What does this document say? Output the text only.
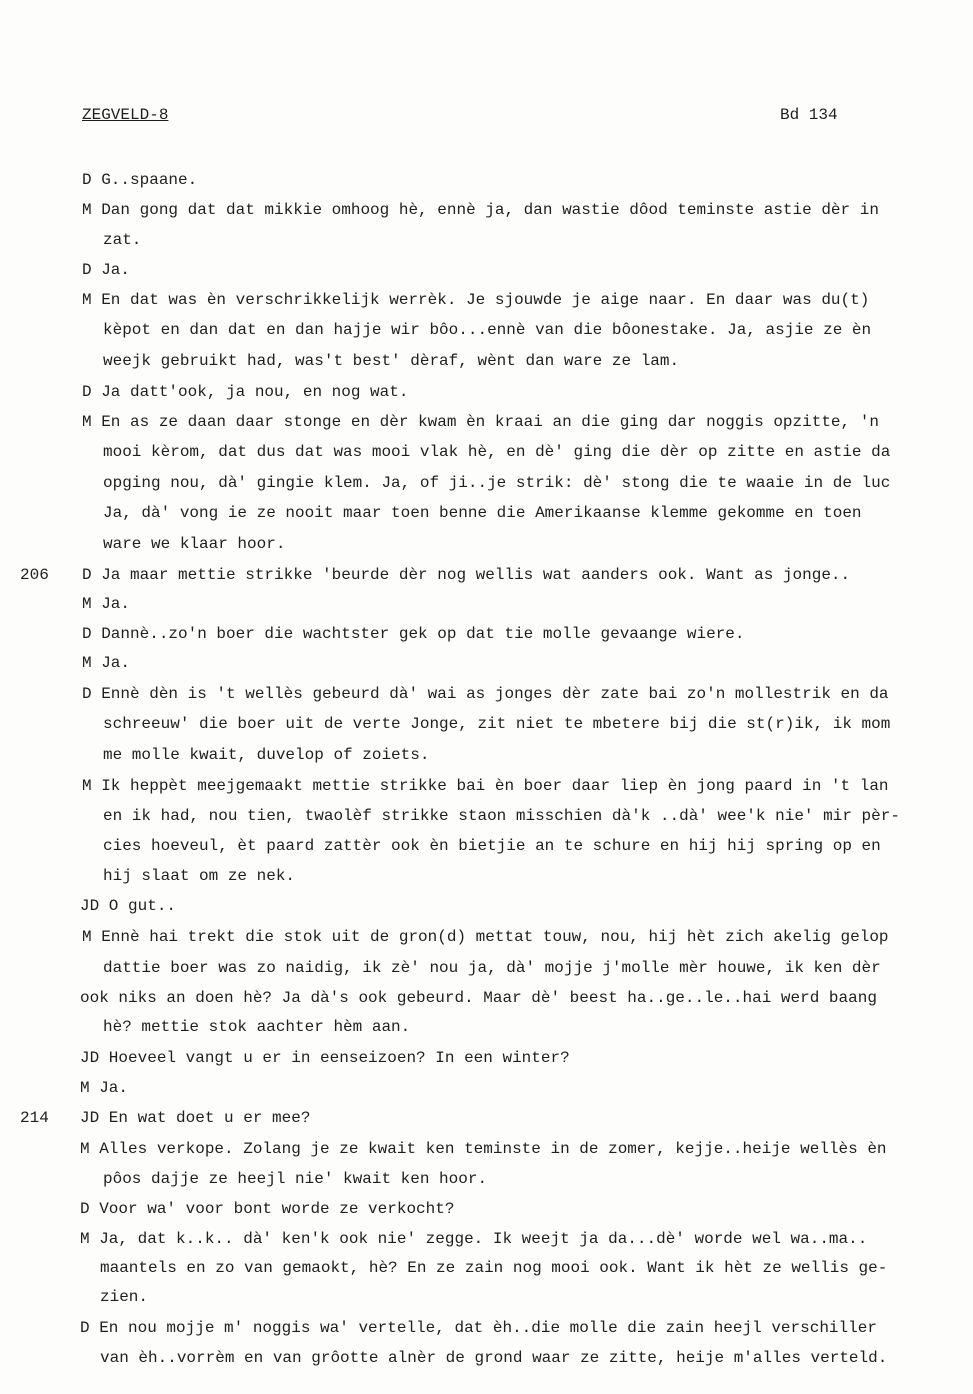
ZEGVELD-8	Bd 134
206
214
D G..spaane.
M Dan gong dat dat mikkie omhoog hè, ennè ja, dan wastie dôod teminste astie dèr in
zat.
D Ja.
M En dat was èn verschrikkelijk werrèk. Je sjouwde je aige naar. En daar was du(t)
kèpot en dan dat en dan hajje wir bôo...ennè van die bôonestake. Ja, asjie ze èn
weejk gebruikt had, was't best' dèraf, wènt dan ware ze lam.
D Ja datt'ook, ja nou, en nog wat.
M En as ze daan daar stonge en dèr kwam èn kraai an die ging dar noggis opzitte, 'n
mooi kèrom, dat dus dat was mooi vlak hè, en dè' ging die dèr op zitte en astie da
opging nou, dà' gingie klem. Ja, of ji..je strik: dè' stong die te waaie in de luc
Ja, dà' vong ie ze nooit maar toen benne die Amerikaanse klemme gekomme en toen
ware we klaar hoor.
D Ja maar mettie strikke 'beurde dèr nog wellis wat aanders ook. Want as jonge..
M Ja.
D Dannè..zo'n boer die wachtster gek op dat tie molle gevaange wiere.
M Ja.
D Ennè dèn is 't wellès gebeurd dà' wai as jonges dèr zate bai zo'n mollestrik en da
schreeuw' die boer uit de verte Jonge, zit niet te mbetere bij die st(r)ik, ik mom
me molle kwait, duvelop of zoiets.
M Ik heppèt meejgemaakt mettie strikke bai èn boer daar liep èn jong paard in 't lan
en ik had, nou tien, twaolèf strikke staon misschien dà'k ..dà' wee'k nie' mir pèr-
cies hoeveul, èt paard zattèr ook èn bietjie an te schure en hij hij spring op en
hij slaat om ze nek.
JD O gut..
M Ennè hai trekt die stok uit de gron(d) mettat touw, nou, hij hèt zich akelig gelop
dattie boer was zo naidig, ik zè' nou ja, dà' mojje j'molle mèr houwe, ik ken dèr
ook niks an doen hè? Ja dà's ook gebeurd. Maar dè' beest ha..ge..le..hai werd baang
hè? mettie stok aachter hèm aan.
JD Hoeveel vangt u er in eenseizoen? In een winter?
M Ja.
JD En wat doet u er mee?
M Alles verkope. Zolang je ze kwait ken teminste in de zomer, kejje..heije wellès èn
pôos dajje ze heejl nie' kwait ken hoor.
D Voor wa' voor bont worde ze verkocht?
M Ja, dat k..k.. dà' ken'k ook nie' zegge. Ik weejt ja da...dè' worde wel wa..ma..
maantels en zo van gemaokt, hè? En ze zain nog mooi ook. Want ik hèt ze wellis ge-
zien.
D En nou mojje m' noggis wa' vertelle, dat èh..die molle die zain heejl verschiller
van èh..vorrèm en van grôotte alnèr de grond waar ze zitte, heije m'alles verteld.
